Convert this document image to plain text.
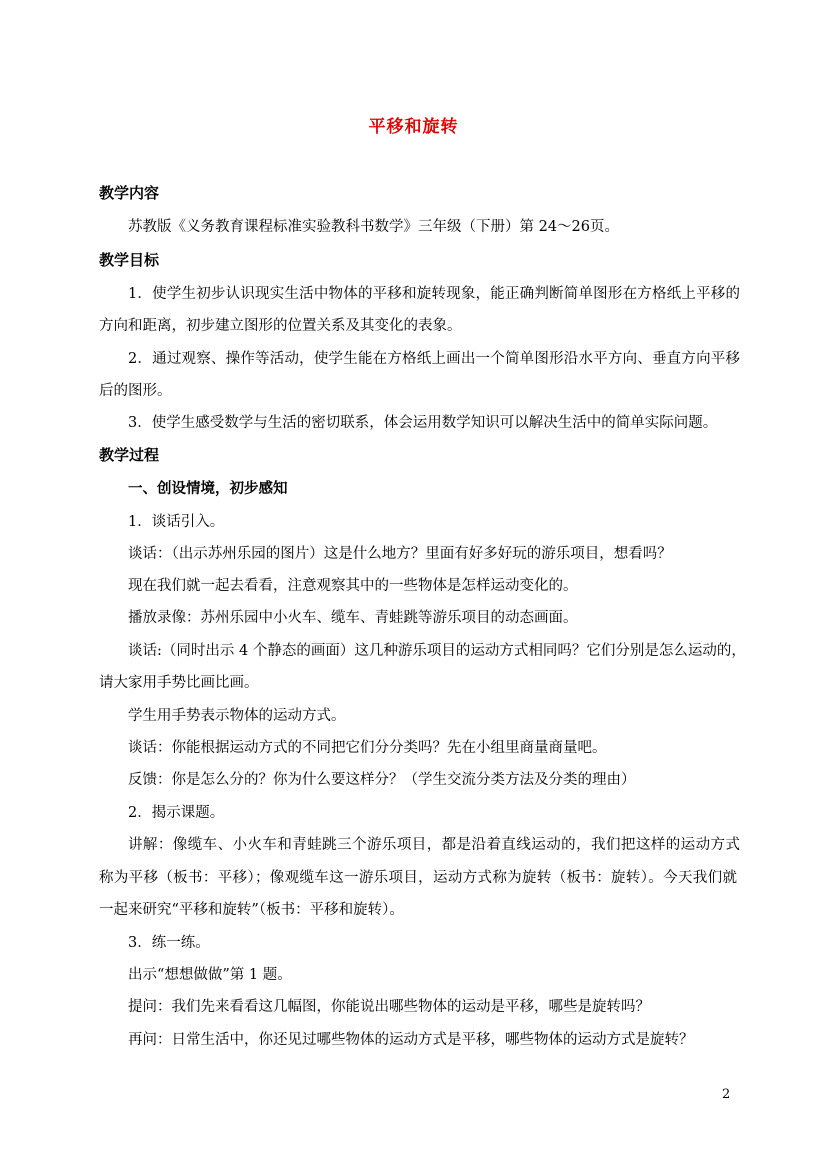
平移和旋转
教学内容
苏教版《义务教育课程标准实验教科书数学》三年级（下册）第 24～26页。
教学目标
1．使学生初步认识现实生活中物体的平移和旋转现象，能正确判断简单图形在方格纸上平移的
方向和距离，初步建立图形的位置关系及其变化的表象。
2．通过观察、操作等活动，使学生能在方格纸上画出一个简单图形沿水平方向、垂直方向平移
后的图形。
3．使学生感受数学与生活的密切联系，体会运用数学知识可以解决生活中的简单实际问题。
教学过程
一、创设情境，初步感知
1．谈话引入。
谈话：（出示苏州乐园的图片）这是什么地方？里面有好多好玩的游乐项目，想看吗？
现在我们就一起去看看，注意观察其中的一些物体是怎样运动变化的。
播放录像：苏州乐园中小火车、缆车、青蛙跳等游乐项目的动态画面。
谈话:（同时出示 4 个静态的画面）这几种游乐项目的运动方式相同吗？它们分别是怎么运动的，
请大家用手势比画比画。
学生用手势表示物体的运动方式。
谈话：你能根据运动方式的不同把它们分分类吗？先在小组里商量商量吧。
反馈：你是怎么分的？你为什么要这样分？（学生交流分类方法及分类的理由）
2．揭示课题。
讲解：像缆车、小火车和青蛙跳三个游乐项目，都是沿着直线运动的，我们把这样的运动方式
称为平移（板书：平移）；像观缆车这一游乐项目，运动方式称为旋转（板书：旋转）。今天我们就
一起来研究“平移和旋转”（板书：平移和旋转）。
3．练一练。
出示“想想做做”第 1 题。
提问：我们先来看看这几幅图，你能说出哪些物体的运动是平移，哪些是旋转吗？
再问：日常生活中，你还见过哪些物体的运动方式是平移，哪些物体的运动方式是旋转？
2
